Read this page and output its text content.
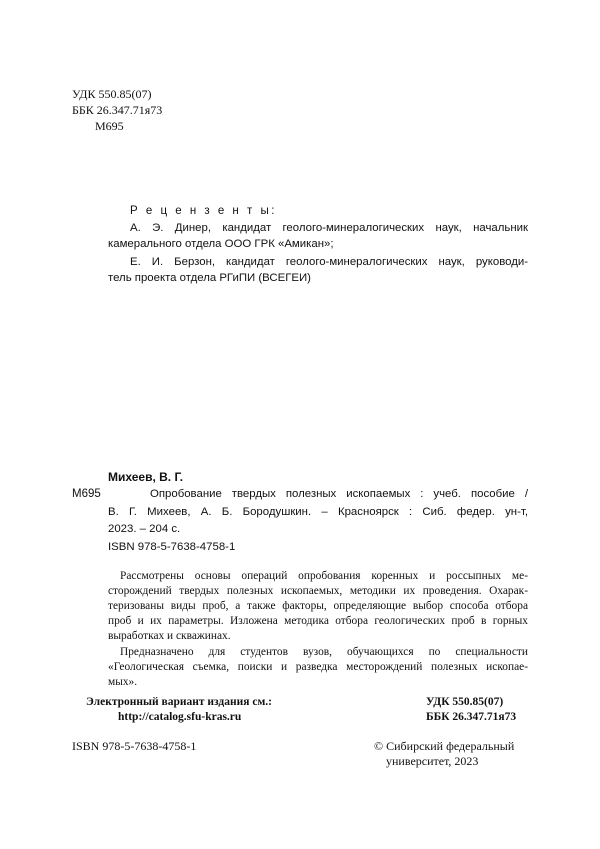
УДК 550.85(07)
ББК 26.347.71я73
М695
Р е ц е н з е н т ы:
А. Э. Динер, кандидат геолого-минералогических наук, начальник
камерального отдела ООО ГРК «Амикан»;
Е. И. Берзон, кандидат геолого-минералогических наук, руководи-
тель проекта отдела РГиПИ (ВСЕГЕИ)
Михеев, В. Г.
М695	Опробование твердых полезных ископаемых : учеб. пособие /
В. Г. Михеев, А. Б. Бородушкин. – Красноярск : Сиб. федер. ун-т,
2023. – 204 с.
ISBN 978-5-7638-4758-1
Рассмотрены основы операций опробования коренных и россыпных ме-
сторождений твердых полезных ископаемых, методики их проведения. Охарак-
теризованы виды проб, а также факторы, определяющие выбор способа отбора
проб и их параметры. Изложена методика отбора геологических проб в горных
выработках и скважинах.
Предназначено для студентов вузов, обучающихся по специальности
«Геологическая съемка, поиски и разведка месторождений полезных ископае-
мых».
Электронный вариант издания см.:
http://catalog.sfu-kras.ru
УДК 550.85(07)
ББК 26.347.71я73
ISBN 978-5-7638-4758-1	© Сибирский федеральный
университет, 2023
